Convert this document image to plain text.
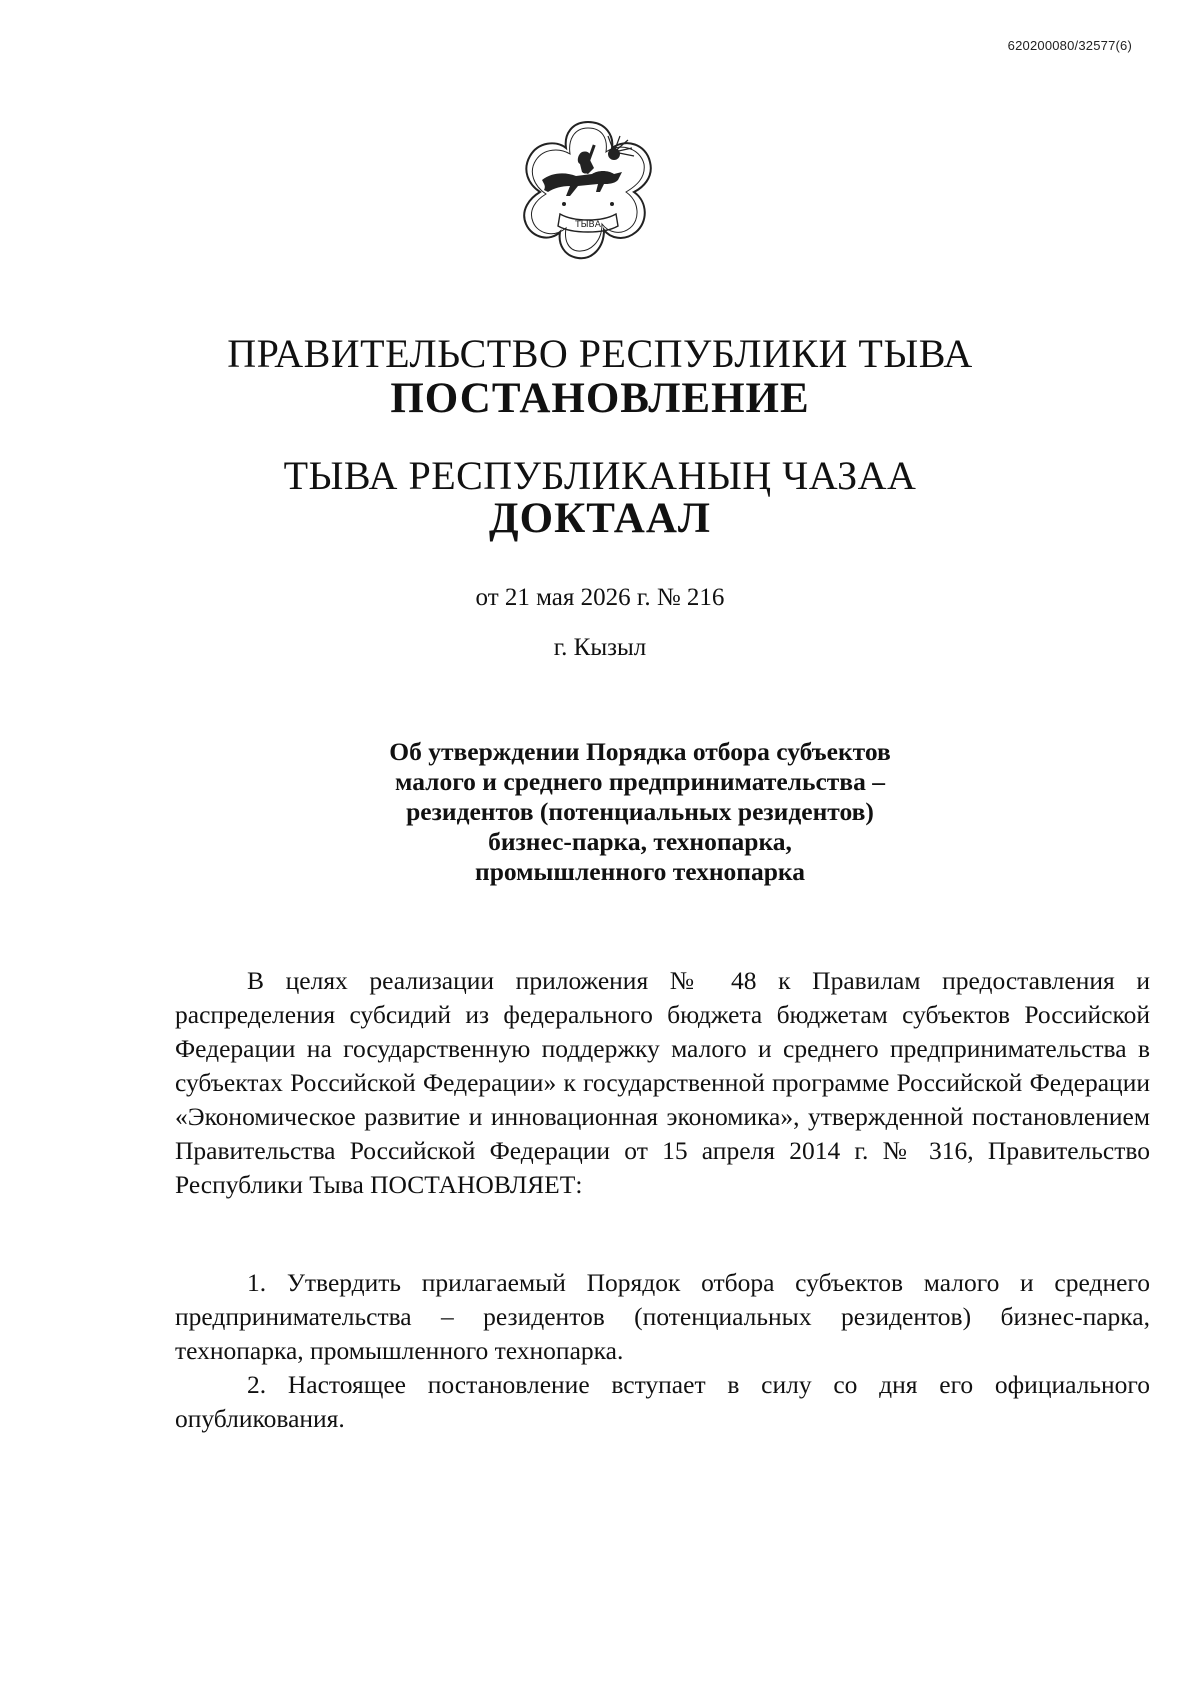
620200080/32577(6)
ТЫВА
ПРАВИТЕЛЬСТВО РЕСПУБЛИКИ ТЫВА
ПОСТАНОВЛЕНИЕ
ТЫВА РЕСПУБЛИКАНЫҢ ЧАЗАА
ДОКТААЛ
от 21 мая 2026 г. № 216
г. Кызыл
Об утверждении Порядка отбора субъектов
малого и среднего предпринимательства –
резидентов (потенциальных резидентов)
бизнес-парка, технопарка,
промышленного технопарка

В целях реализации приложения № 48 к Правилам предоставления и распределения субсидий из федерального бюджета бюджетам субъектов Российской Федерации на государственную поддержку малого и среднего предпринимательства в субъектах Российской Федерации» к государственной программе Российской Федерации «Экономическое развитие и инновационная экономика», утвержденной постановлением Правительства Российской Федерации от 15 апреля 2014 г. № 316, Правительство Республики Тыва ПОСТАНОВЛЯЕТ:

1. Утвердить прилагаемый Порядок отбора субъектов малого и среднего предпринимательства – резидентов (потенциальных резидентов) бизнес-парка, технопарка, промышленного технопарка.

2. Настоящее постановление вступает в силу со дня его официального опубликования.
